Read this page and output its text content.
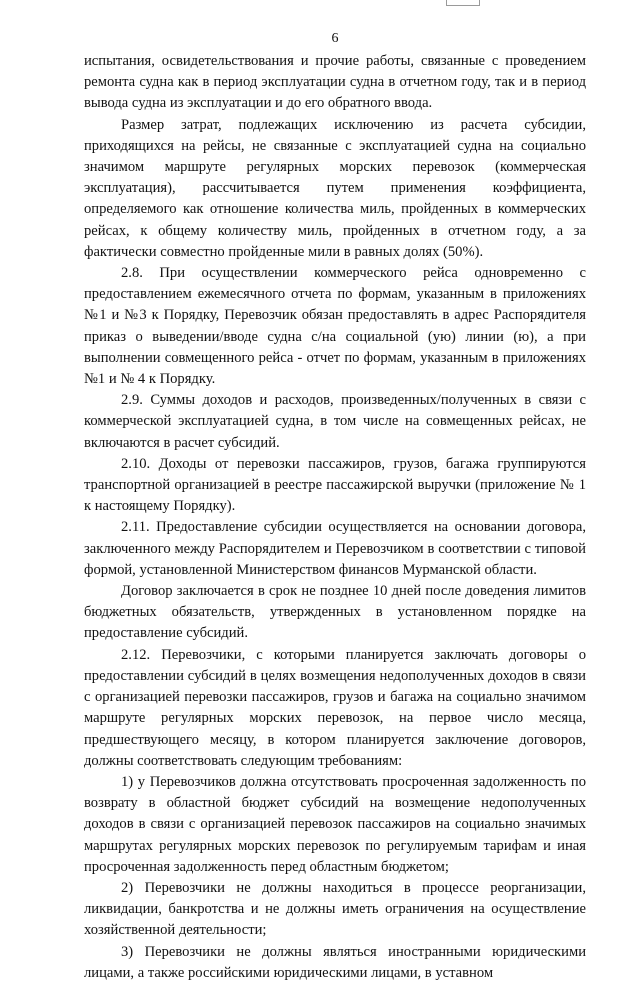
6

испытания, освидетельствования и прочие работы, связанные с проведением ремонта судна как в период эксплуатации судна в отчетном году, так и в период вывода судна из эксплуатации и до его обратного ввода.

Размер затрат, подлежащих исключению из расчета субсидии, приходящихся на рейсы, не связанные с эксплуатацией судна на социально значимом маршруте регулярных морских перевозок (коммерческая эксплуатация), рассчитывается путем применения коэффициента, определяемого как отношение количества миль, пройденных в коммерческих рейсах, к общему количеству миль, пройденных в отчетном году, а за фактически совместно пройденные мили в равных долях (50%).

2.8. При осуществлении коммерческого рейса одновременно с предоставлением ежемесячного отчета по формам, указанным в приложениях №1 и №3 к Порядку, Перевозчик обязан предоставлять в адрес Распорядителя приказ о выведении/вводе судна с/на социальной (ую) линии (ю), а при выполнении совмещенного рейса - отчет по формам, указанным в приложениях №1 и № 4 к Порядку.

2.9. Суммы доходов и расходов, произведенных/полученных в связи с коммерческой эксплуатацией судна, в том числе на совмещенных рейсах, не включаются в расчет субсидий.

2.10. Доходы от перевозки пассажиров, грузов, багажа группируются транспортной организацией в реестре пассажирской выручки (приложение № 1 к настоящему Порядку).

2.11. Предоставление субсидии осуществляется на основании договора, заключенного между Распорядителем и Перевозчиком в соответствии с типовой формой, установленной Министерством финансов Мурманской области.

Договор заключается в срок не позднее 10 дней после доведения лимитов бюджетных обязательств, утвержденных в установленном порядке на предоставление субсидий.

2.12. Перевозчики, с которыми планируется заключать договоры о предоставлении субсидий в целях возмещения недополученных доходов в связи с организацией перевозки пассажиров, грузов и багажа на социально значимом маршруте регулярных морских перевозок, на первое число месяца, предшествующего месяцу, в котором планируется заключение договоров, должны соответствовать следующим требованиям:

1) у Перевозчиков должна отсутствовать просроченная задолженность по возврату в областной бюджет субсидий на возмещение недополученных доходов в связи с организацией перевозок пассажиров на социально значимых маршрутах регулярных морских перевозок по регулируемым тарифам и иная просроченная задолженность перед областным бюджетом;

2) Перевозчики не должны находиться в процессе реорганизации, ликвидации, банкротства и не должны иметь ограничения на осуществление хозяйственной деятельности;

3) Перевозчики не должны являться иностранными юридическими лицами, а также российскими юридическими лицами, в уставном
